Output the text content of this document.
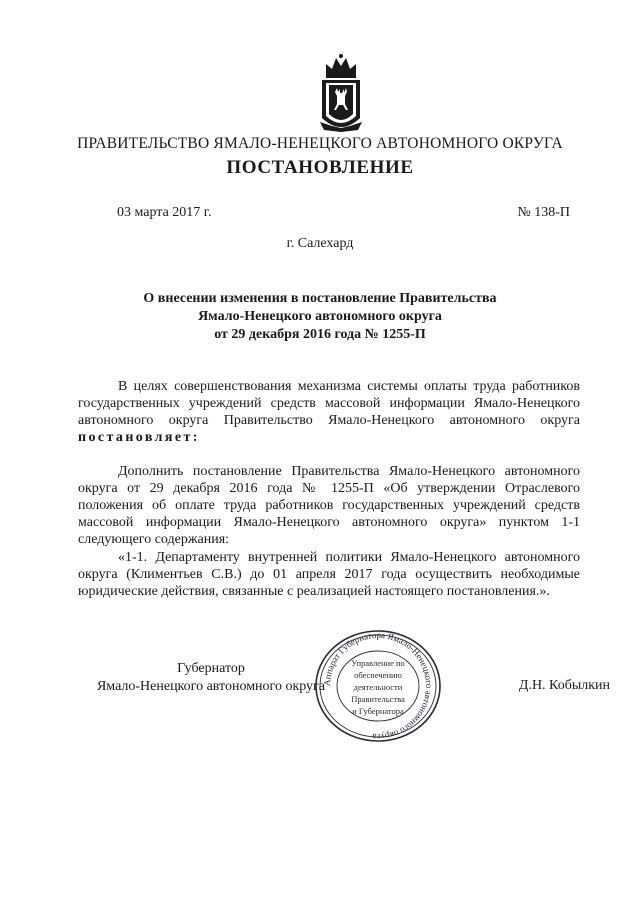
ПРАВИТЕЛЬСТВО ЯМАЛО-НЕНЕЦКОГО АВТОНОМНОГО ОКРУГА
ПОСТАНОВЛЕНИЕ
03 марта 2017 г.	№ 138-П
г. Салехард
О внесении изменения в постановление Правительства
Ямало-Ненецкого автономного округа
от 29 декабря 2016 года № 1255-П
В целях совершенствования механизма системы оплаты труда работников государственных учреждений средств массовой информации Ямало-Ненецкого автономного округа Правительство Ямало-Ненецкого автономного округа постановляет:
Дополнить постановление Правительства Ямало-Ненецкого автономного округа от 29 декабря 2016 года № 1255-П «Об утверждении Отраслевого положения об оплате труда работников государственных учреждений средств массовой информации Ямало-Ненецкого автономного округа» пунктом 1-1 следующего содержания:
«1-1. Департаменту внутренней политики Ямало-Ненецкого автономного округа (Климентьев С.В.) до 01 апреля 2017 года осуществить необходимые юридические действия, связанные с реализацией настоящего постановления.».
Губернатор
Ямало-Ненецкого автономного округа	Д.Н. Кобылкин
Аппарат Губернатора Ямало-Ненецкого автономного округа
Управление по
обеспечению
деятельности
Правительства
и Губернатора
